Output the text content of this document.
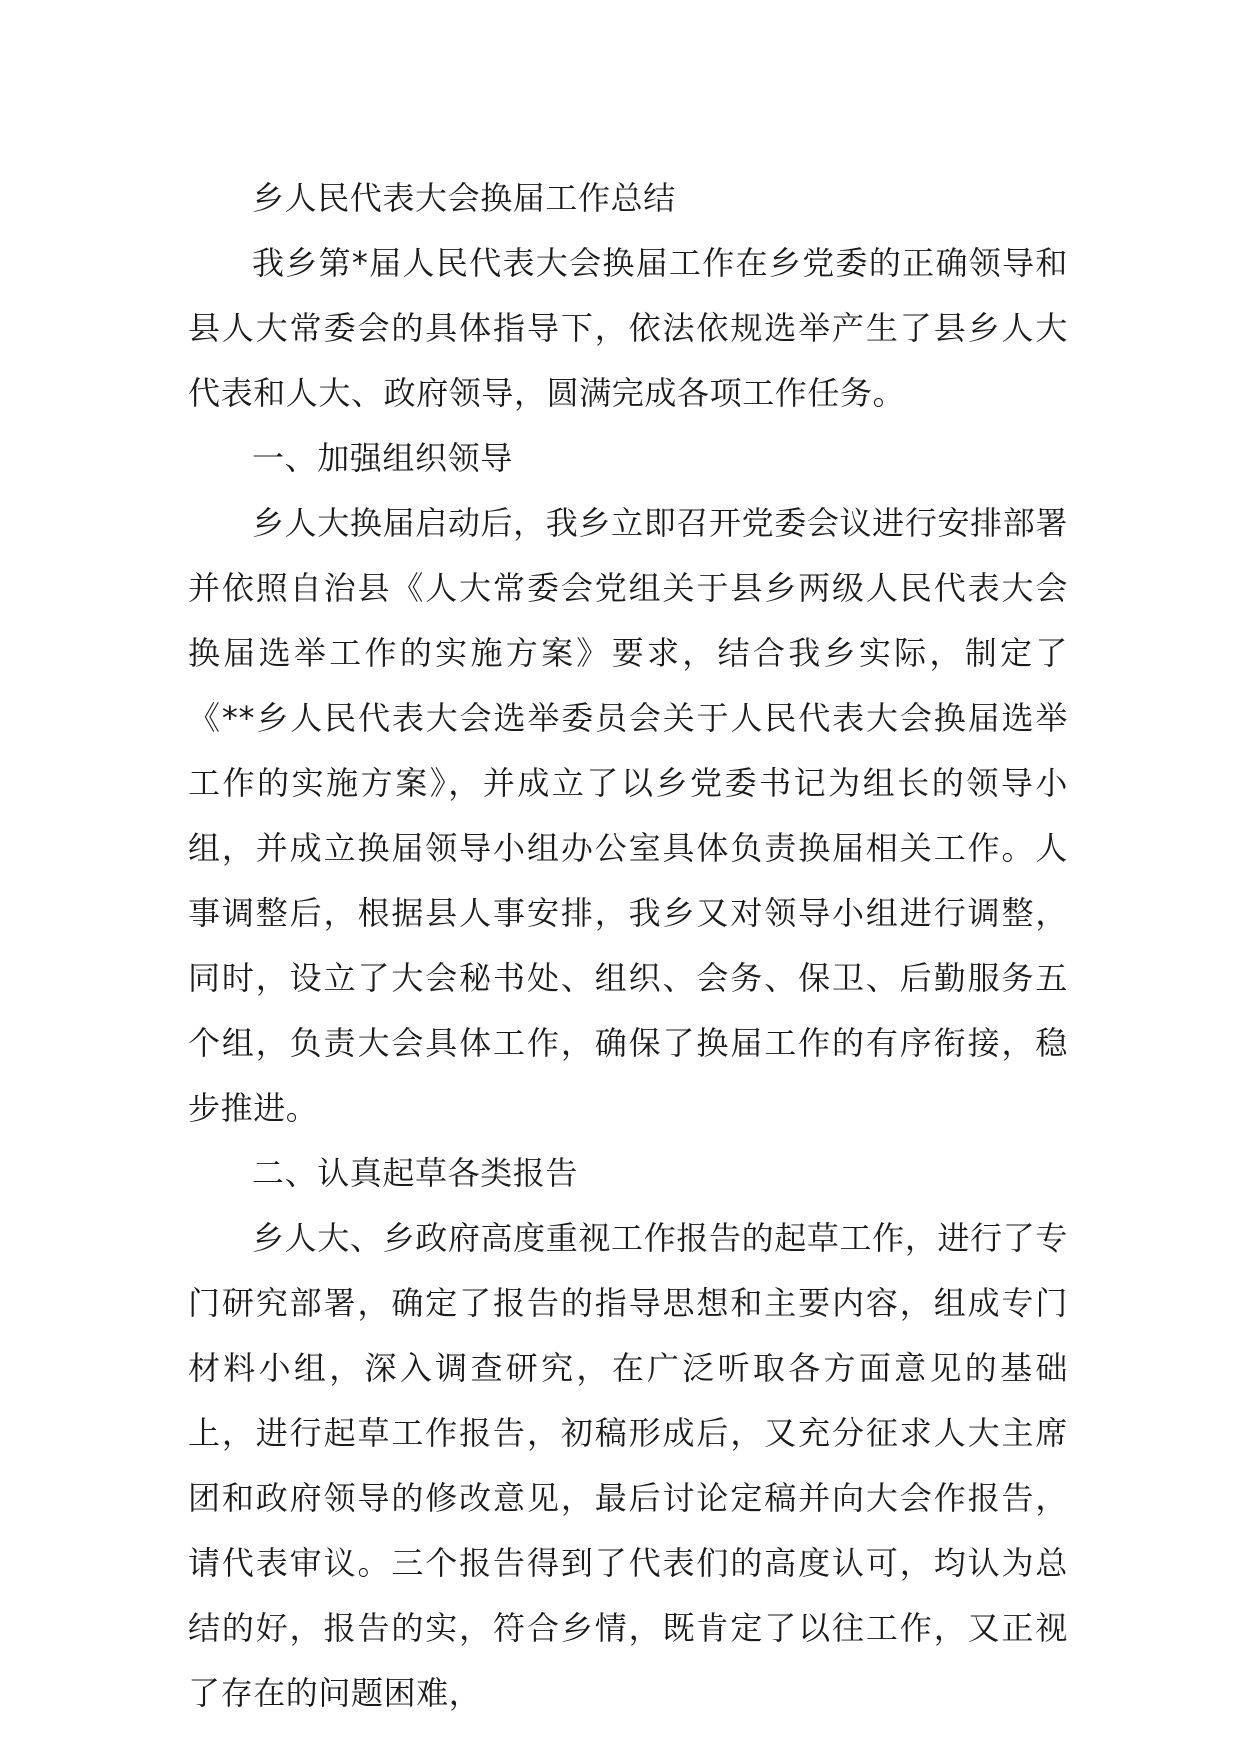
乡人民代表大会换届工作总结

我乡第*届人民代表大会换届工作在乡党委的正确领导和县人大常委会的具体指导下，依法依规选举产生了县乡人大代表和人大、政府领导，圆满完成各项工作任务。

一、加强组织领导

乡人大换届启动后，我乡立即召开党委会议进行安排部署并依照自治县《人大常委会党组关于县乡两级人民代表大会换届选举工作的实施方案》要求，结合我乡实际，制定了《**乡人民代表大会选举委员会关于人民代表大会换届选举工作的实施方案》，并成立了以乡党委书记为组长的领导小组，并成立换届领导小组办公室具体负责换届相关工作。人事调整后，根据县人事安排，我乡又对领导小组进行调整，同时，设立了大会秘书处、组织、会务、保卫、后勤服务五个组，负责大会具体工作，确保了换届工作的有序衔接，稳步推进。

二、认真起草各类报告

乡人大、乡政府高度重视工作报告的起草工作，进行了专门研究部署，确定了报告的指导思想和主要内容，组成专门材料小组，深入调查研究，在广泛听取各方面意见的基础上，进行起草工作报告，初稿形成后，又充分征求人大主席团和政府领导的修改意见，最后讨论定稿并向大会作报告，请代表审议。三个报告得到了代表们的高度认可，均认为总结的好，报告的实，符合乡情，既肯定了以往工作，又正视了存在的问题困难，
